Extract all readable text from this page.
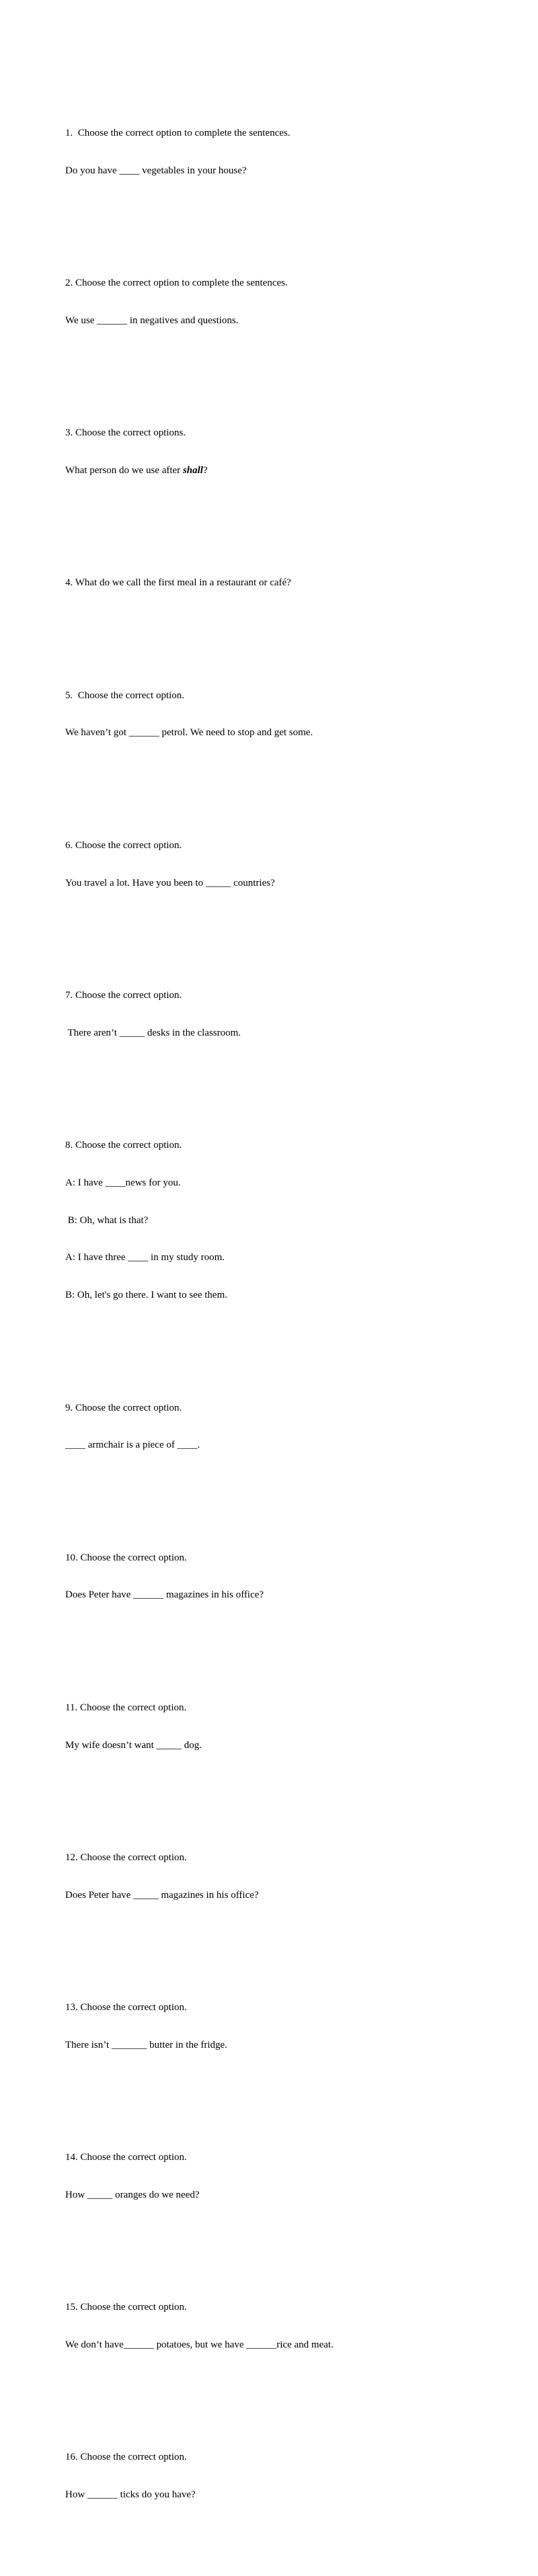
1.  Choose the correct option to complete the sentences.

Do you have ____ vegetables in your house?

2. Choose the correct option to complete the sentences.

We use ______ in negatives and questions.

3. Choose the correct options.

What person do we use after shall?

4. What do we call the first meal in a restaurant or café?

5.  Choose the correct option.

We haven’t got ______ petrol. We need to stop and get some.

6. Choose the correct option.

You travel a lot. Have you been to _____ countries?

7. Choose the correct option.

There aren’t _____ desks in the classroom.

8. Choose the correct option.

A: I have ____news for you.

B: Oh, what is that?

A: I have three ____ in my study room.

B: Oh, let's go there. I want to see them.

9. Choose the correct option.

____ armchair is a piece of ____.

10. Choose the correct option.

Does Peter have ______ magazines in his office?

11. Choose the correct option.

My wife doesn’t want _____ dog.

12. Choose the correct option.

Does Peter have _____ magazines in his office?

13. Choose the correct option.

There isn’t _______ butter in the fridge.

14. Choose the correct option.

How _____ oranges do we need?

15. Choose the correct option.

We don’t have______ potatoes, but we have ______rice and meat.

16. Choose the correct option.

How ______ ticks do you have?
